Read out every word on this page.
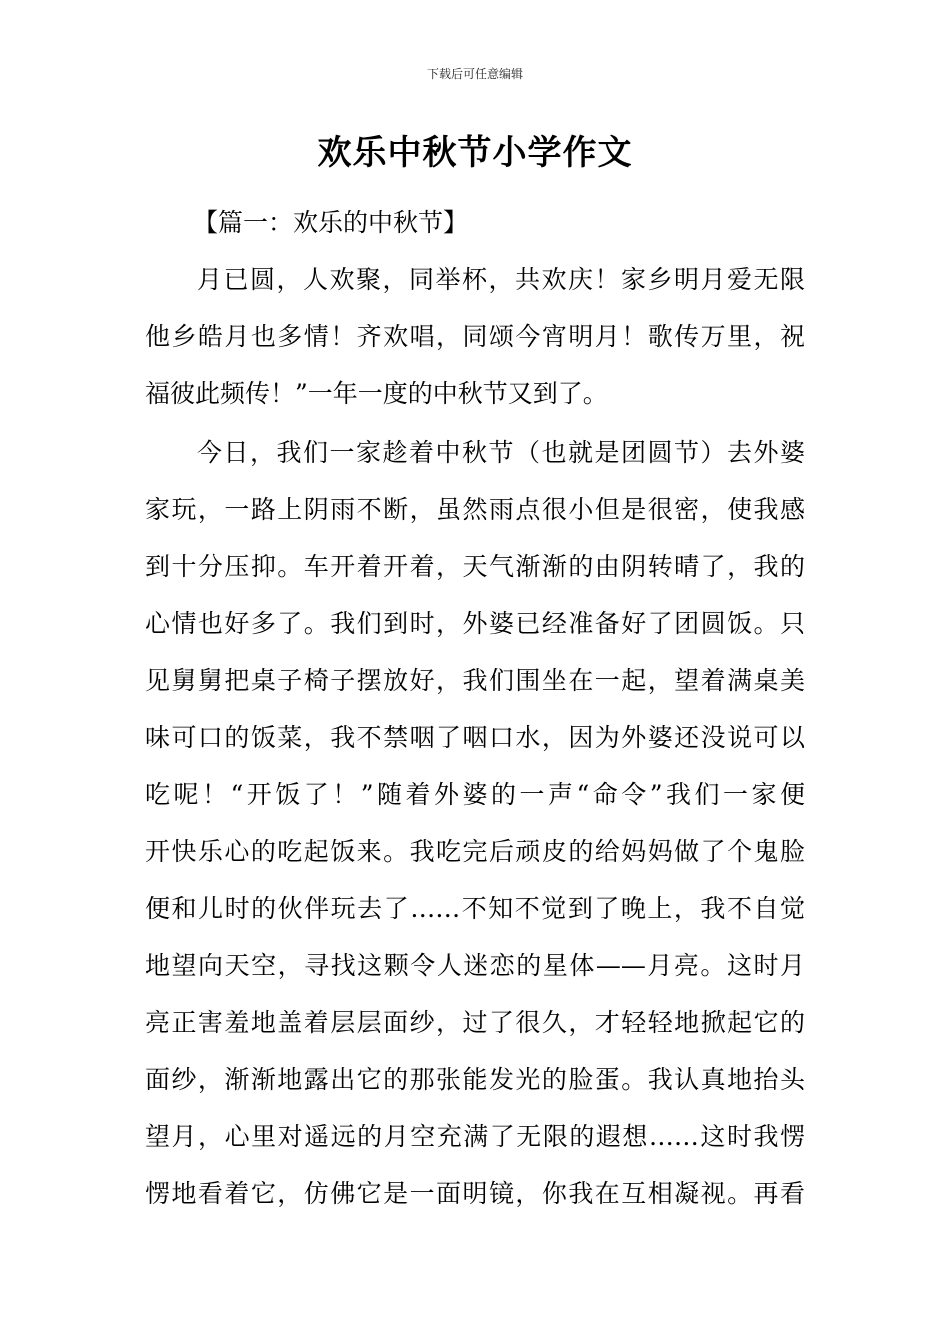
下载后可任意编辑
欢乐中秋节小学作文
【篇一：欢乐的中秋节】
月已圆，人欢聚，同举杯，共欢庆！家乡明月爱无限
他乡皓月也多情！齐欢唱，同颂今宵明月！歌传万里，祝
福彼此频传！”一年一度的中秋节又到了。
今日，我们一家趁着中秋节（也就是团圆节）去外婆
家玩，一路上阴雨不断，虽然雨点很小但是很密，使我感
到十分压抑。车开着开着，天气渐渐的由阴转晴了，我的
心情也好多了。我们到时，外婆已经准备好了团圆饭。只
见舅舅把桌子椅子摆放好，我们围坐在一起，望着满桌美
味可口的饭菜，我不禁咽了咽口水，因为外婆还没说可以
吃呢！“开饭了！”随着外婆的一声“命令”我们一家便
开快乐心的吃起饭来。我吃完后顽皮的给妈妈做了个鬼脸
便和儿时的伙伴玩去了……不知不觉到了晚上，我不自觉
地望向天空，寻找这颗令人迷恋的星体——月亮。这时月
亮正害羞地盖着层层面纱，过了很久，才轻轻地掀起它的
面纱，渐渐地露出它的那张能发光的脸蛋。我认真地抬头
望月，心里对遥远的月空充满了无限的遐想……这时我愣
愣地看着它，仿佛它是一面明镜，你我在互相凝视。再看
